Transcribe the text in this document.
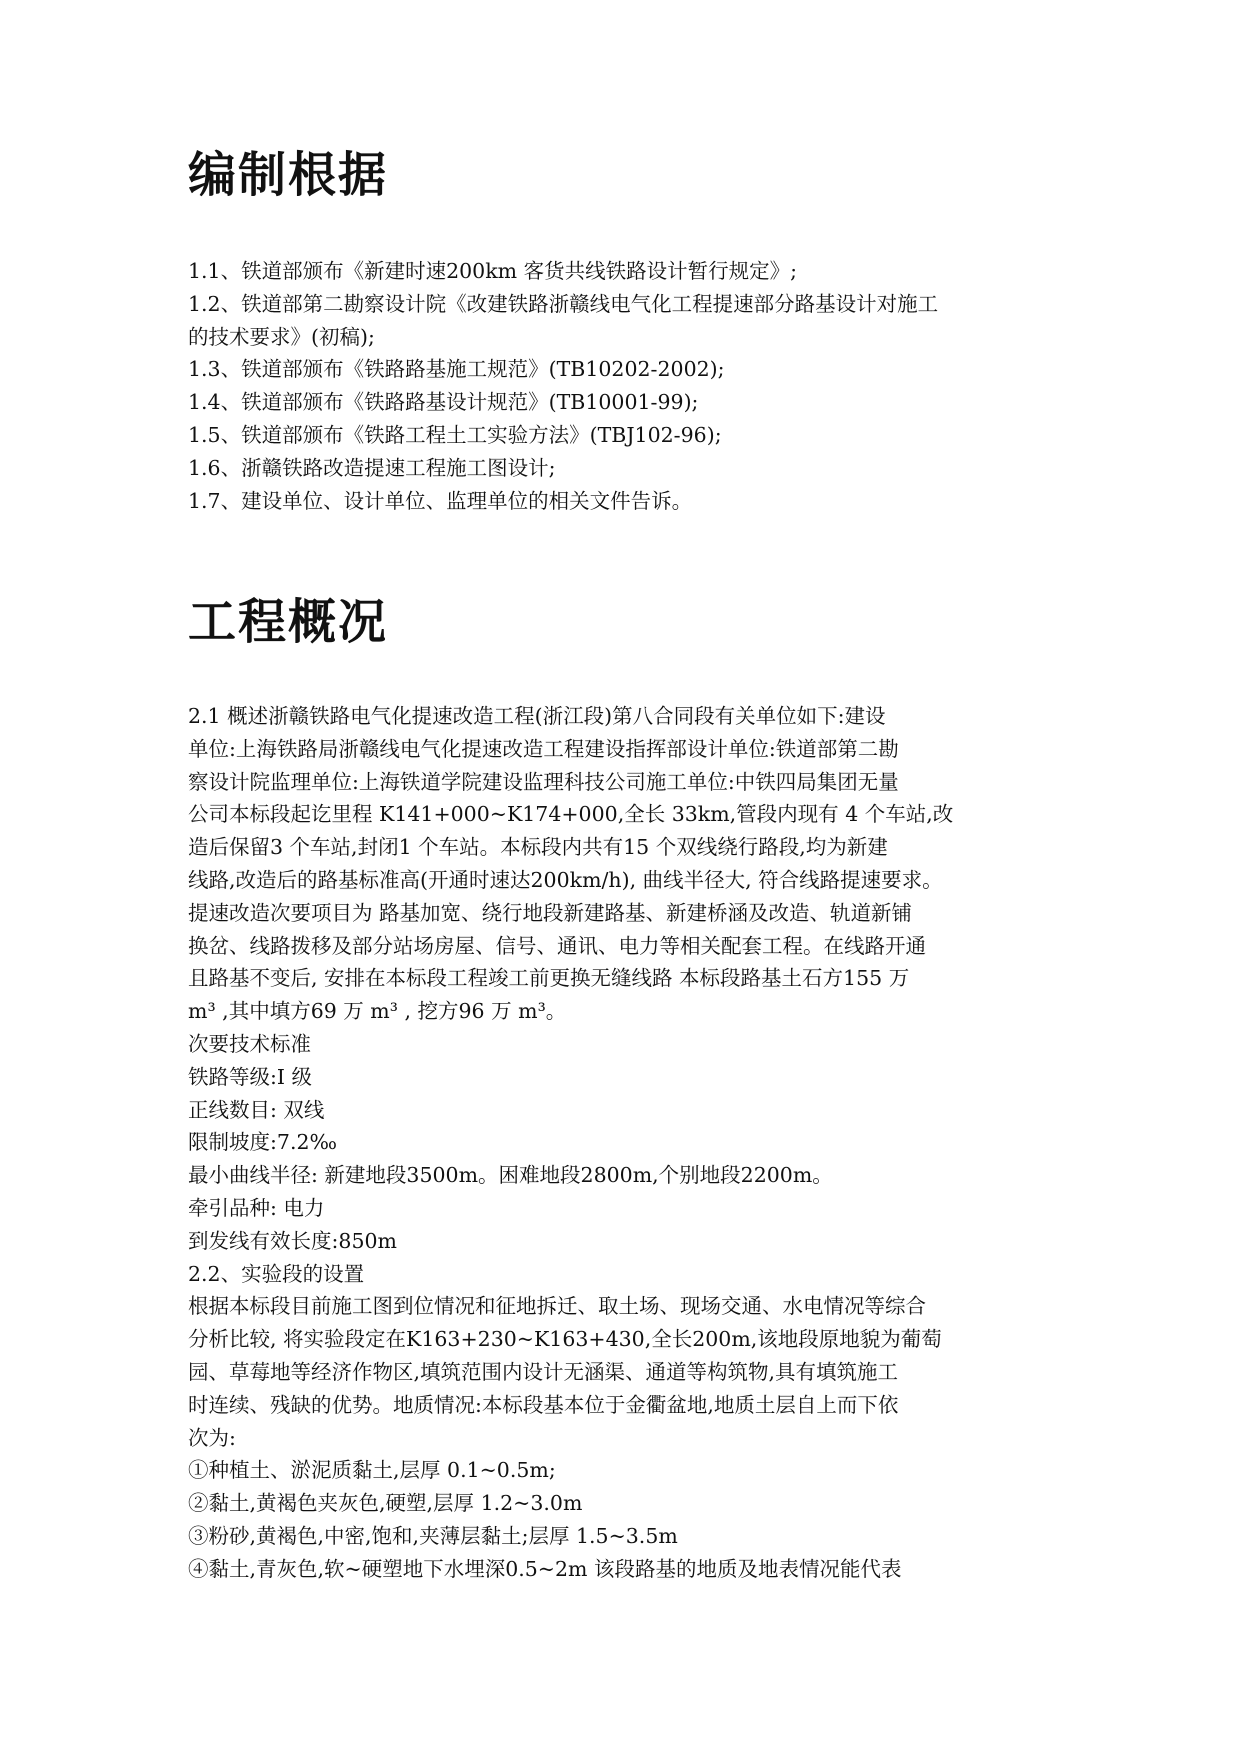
编制根据
1.1、铁道部颁布《新建时速200km 客货共线铁路设计暂行规定》;
1.2、铁道部第二勘察设计院《改建铁路浙赣线电气化工程提速部分路基设计对施工
的技术要求》(初稿);
1.3、铁道部颁布《铁路路基施工规范》(TB10202-2002);
1.4、铁道部颁布《铁路路基设计规范》(TB10001-99);
1.5、铁道部颁布《铁路工程土工实验方法》(TBJ102-96);
1.6、浙赣铁路改造提速工程施工图设计;
1.7、建设单位、设计单位、监理单位的相关文件告诉。
工程概况
2.1 概述浙赣铁路电气化提速改造工程(浙江段)第八合同段有关单位如下:建设
单位:上海铁路局浙赣线电气化提速改造工程建设指挥部设计单位:铁道部第二勘
察设计院监理单位:上海铁道学院建设监理科技公司施工单位:中铁四局集团无量
公司本标段起讫里程 K141+000~K174+000,全长 33km,管段内现有 4 个车站,改
造后保留3 个车站,封闭1 个车站。本标段内共有15 个双线绕行路段,均为新建
线路,改造后的路基标准高(开通时速达200km/h), 曲线半径大, 符合线路提速要求。
提速改造次要项目为 路基加宽、绕行地段新建路基、新建桥涵及改造、轨道新铺
换岔、线路拨移及部分站场房屋、信号、通讯、电力等相关配套工程。在线路开通
且路基不变后, 安排在本标段工程竣工前更换无缝线路 本标段路基土石方155 万
m³ ,其中填方69 万 m³ , 挖方96 万 m³。
次要技术标准
铁路等级:I 级
正线数目: 双线
限制坡度:7.2‰
最小曲线半径: 新建地段3500m。困难地段2800m,个别地段2200m。
牵引品种: 电力
到发线有效长度:850m
2.2、实验段的设置
根据本标段目前施工图到位情况和征地拆迁、取土场、现场交通、水电情况等综合
分析比较, 将实验段定在K163+230~K163+430,全长200m,该地段原地貌为葡萄
园、草莓地等经济作物区,填筑范围内设计无涵渠、通道等构筑物,具有填筑施工
时连续、残缺的优势。地质情况:本标段基本位于金衢盆地,地质土层自上而下依
次为:
①种植土、淤泥质黏土,层厚 0.1~0.5m;
②黏土,黄褐色夹灰色,硬塑,层厚 1.2~3.0m
③粉砂,黄褐色,中密,饱和,夹薄层黏土;层厚 1.5~3.5m
④黏土,青灰色,软~硬塑地下水埋深0.5~2m 该段路基的地质及地表情况能代表
